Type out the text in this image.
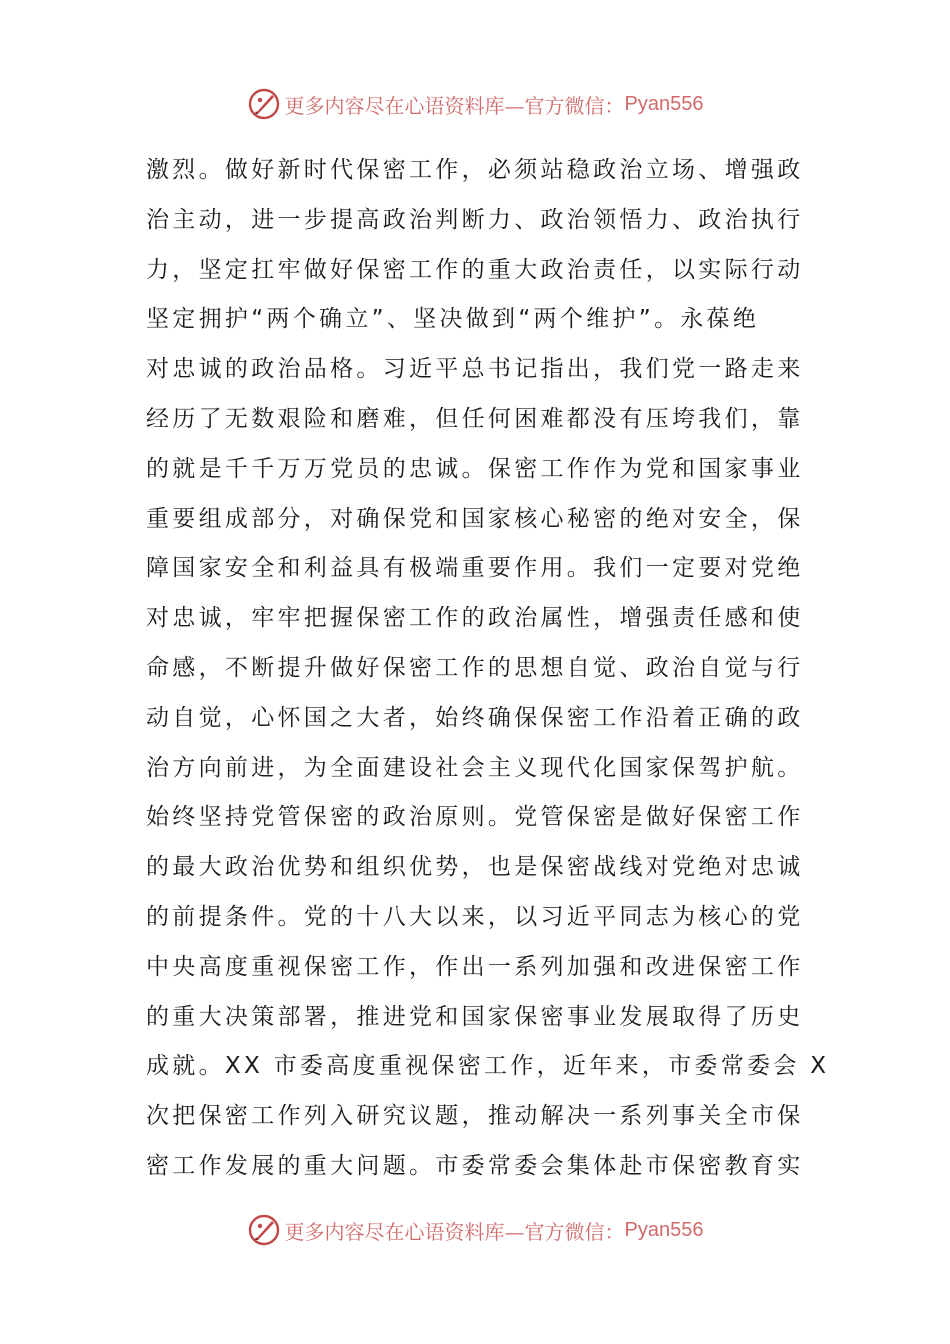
更多内容尽在心语资料库—官方微信： Pyan556
激烈。做好新时代保密工作，必须站稳政治立场、增强政
治主动，进一步提高政治判断力、政治领悟力、政治执行
力，坚定扛牢做好保密工作的重大政治责任，以实际行动
坚定拥护“两个确立”、坚决做到“两个维护”。永葆绝
对忠诚的政治品格。习近平总书记指出，我们党一路走来
经历了无数艰险和磨难，但任何困难都没有压垮我们，靠
的就是千千万万党员的忠诚。保密工作作为党和国家事业
重要组成部分，对确保党和国家核心秘密的绝对安全，保
障国家安全和利益具有极端重要作用。我们一定要对党绝
对忠诚，牢牢把握保密工作的政治属性，增强责任感和使
命感，不断提升做好保密工作的思想自觉、政治自觉与行
动自觉，心怀国之大者，始终确保保密工作沿着正确的政
治方向前进，为全面建设社会主义现代化国家保驾护航。
始终坚持党管保密的政治原则。党管保密是做好保密工作
的最大政治优势和组织优势，也是保密战线对党绝对忠诚
的前提条件。党的十八大以来，以习近平同志为核心的党
中央高度重视保密工作，作出一系列加强和改进保密工作
的重大决策部署，推进党和国家保密事业发展取得了历史
成就。XX 市委高度重视保密工作，近年来，市委常委会 X
次把保密工作列入研究议题，推动解决一系列事关全市保
密工作发展的重大问题。市委常委会集体赴市保密教育实
更多内容尽在心语资料库—官方微信： Pyan556
